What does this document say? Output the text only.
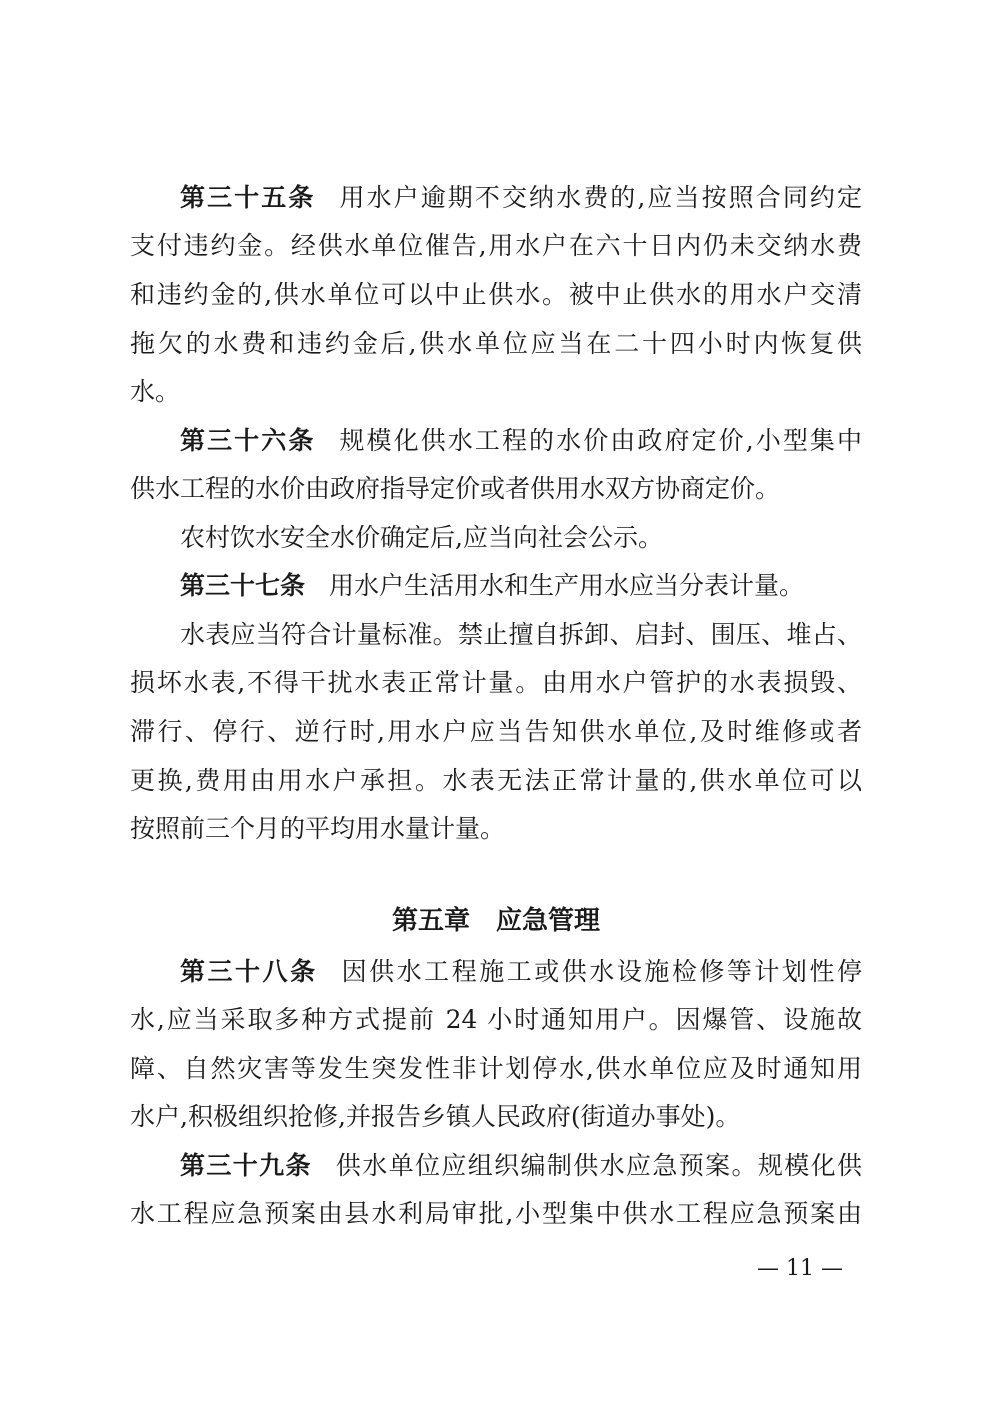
第三十五条 用水户逾期不交纳水费的,应当按照合同约定
支付违约金。经供水单位催告,用水户在六十日内仍未交纳水费
和违约金的,供水单位可以中止供水。被中止供水的用水户交清
拖欠的水费和违约金后,供水单位应当在二十四小时内恢复供
水。
第三十六条 规模化供水工程的水价由政府定价,小型集中
供水工程的水价由政府指导定价或者供用水双方协商定价。
农村饮水安全水价确定后,应当向社会公示。
第三十七条 用水户生活用水和生产用水应当分表计量。
水表应当符合计量标准。禁止擅自拆卸、启封、围压、堆占、
损坏水表,不得干扰水表正常计量。由用水户管护的水表损毁、
滞行、停行、逆行时,用水户应当告知供水单位,及时维修或者
更换,费用由用水户承担。水表无法正常计量的,供水单位可以
按照前三个月的平均用水量计量。
第五章　应急管理
第三十八条 因供水工程施工或供水设施检修等计划性停
水,应当采取多种方式提前 24 小时通知用户。因爆管、设施故
障、自然灾害等发生突发性非计划停水,供水单位应及时通知用
水户,积极组织抢修,并报告乡镇人民政府(街道办事处)。
第三十九条 供水单位应组织编制供水应急预案。规模化供
水工程应急预案由县水利局审批,小型集中供水工程应急预案由
— 11 —
